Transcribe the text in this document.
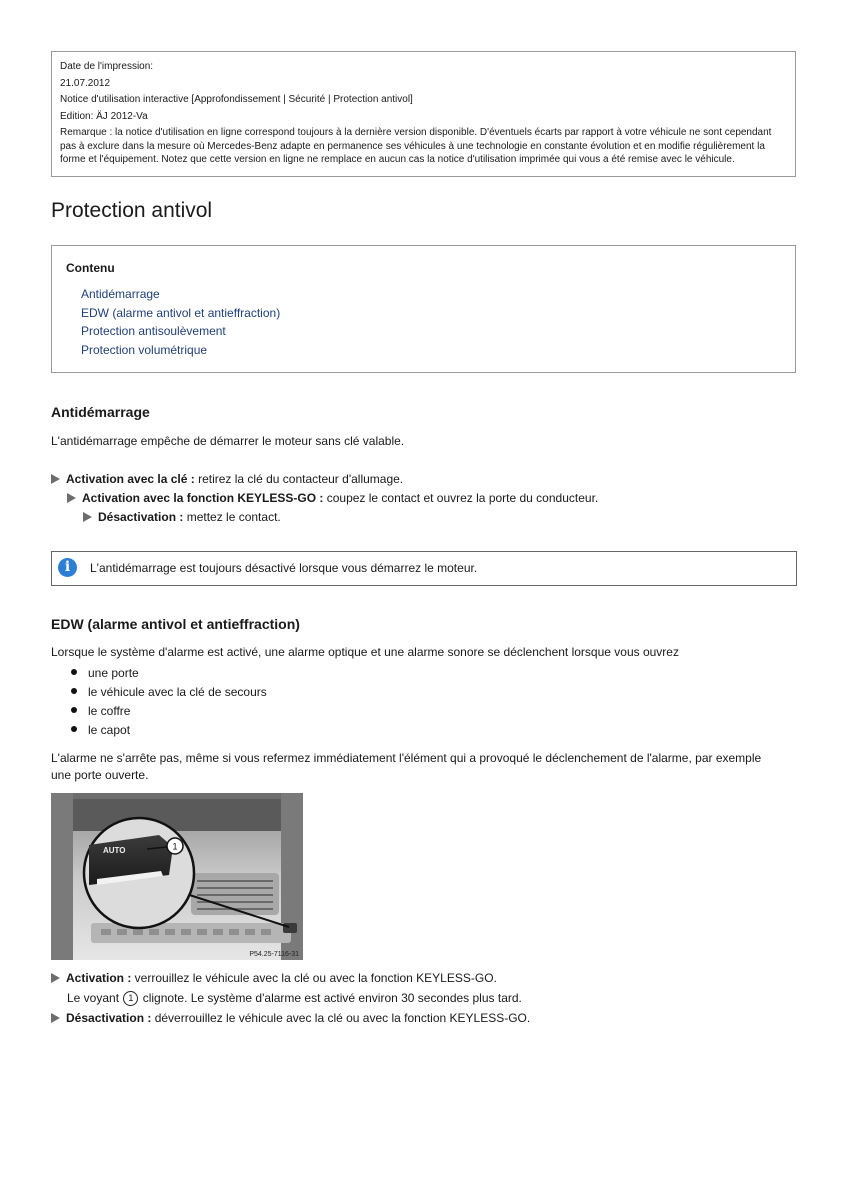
Date de l'impression:
21.07.2012
Notice d'utilisation interactive [Approfondissement | Sécurité | Protection antivol]
Edition: ÄJ 2012-Va
Remarque : la notice d'utilisation en ligne correspond toujours à la dernière version disponible. D'éventuels écarts par rapport à votre véhicule ne sont cependant pas à exclure dans la mesure où Mercedes-Benz adapte en permanence ses véhicules à une technologie en constante évolution et en modifie régulièrement la forme et l'équipement. Notez que cette version en ligne ne remplace en aucun cas la notice d'utilisation imprimée qui vous a été remise avec le véhicule.
Protection antivol
Contenu
Antidémarrage
EDW (alarme antivol et antieffraction)
Protection antisoulèvement
Protection volumétrique
Antidémarrage

L'antidémarrage empêche de démarrer le moteur sans clé valable.

Activation avec la clé : retirez la clé du contacteur d'allumage.
Activation avec la fonction KEYLESS-GO : coupez le contact et ouvrez la porte du conducteur.
Désactivation : mettez le contact.
i	L'antidémarrage est toujours désactivé lorsque vous démarrez le moteur.
EDW (alarme antivol et antieffraction)

Lorsque le système d'alarme est activé, une alarme optique et une alarme sonore se déclenchent lorsque vous ouvrez

une porte
le véhicule avec la clé de secours
le coffre
le capot

L'alarme ne s'arrête pas, même si vous refermez immédiatement l'élément qui a provoqué le déclenchement de l'alarme, par exemple une porte ouverte.

AUTO	1
P54.25-7116-31
Activation : verrouillez le véhicule avec la clé ou avec la fonction KEYLESS-GO.
Le voyant 1 clignote. Le système d'alarme est activé environ 30 secondes plus tard.
Désactivation : déverrouillez le véhicule avec la clé ou avec la fonction KEYLESS-GO.
